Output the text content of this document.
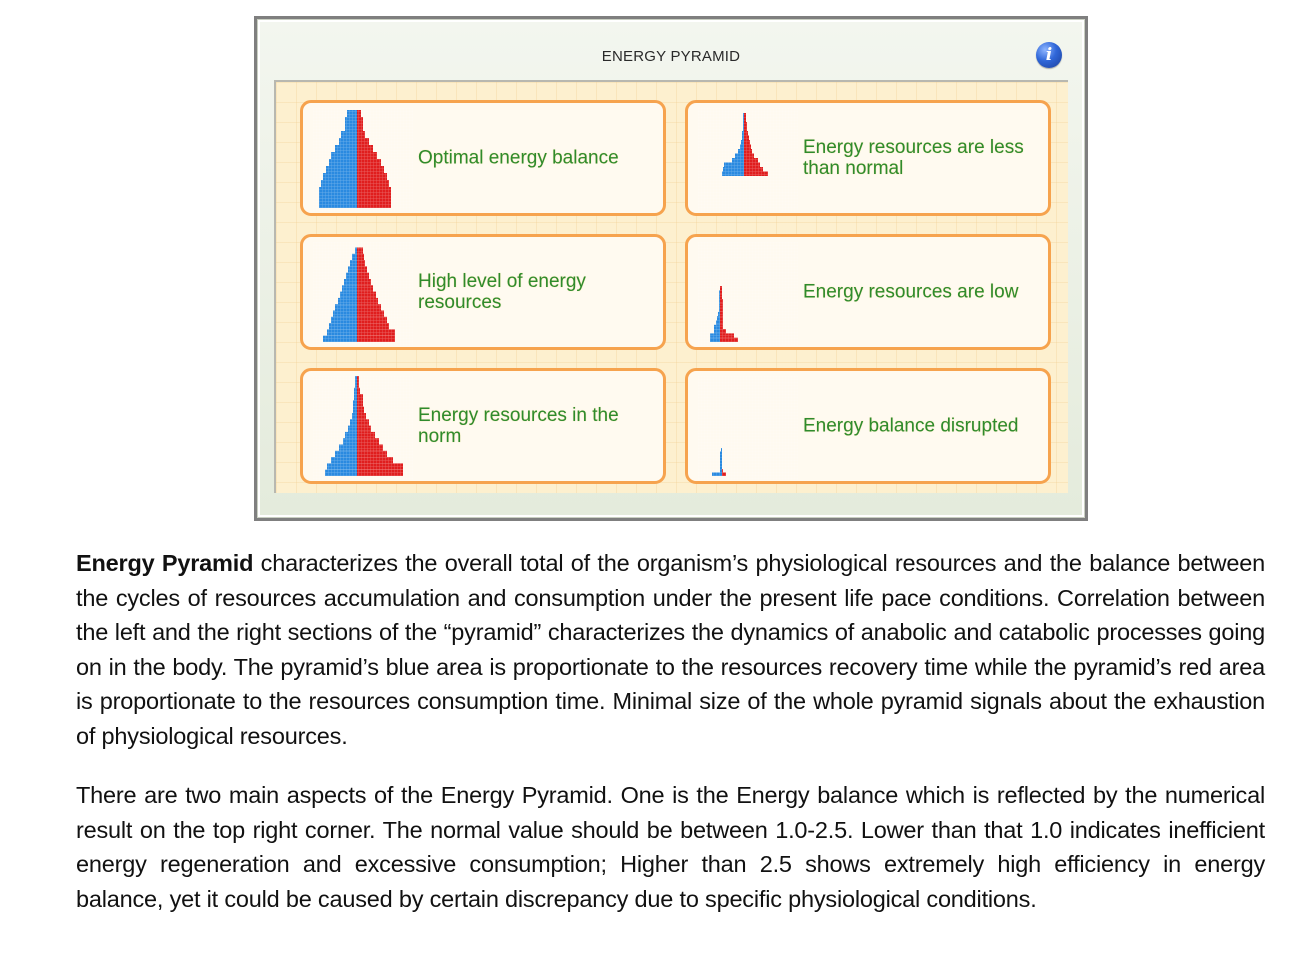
ENERGY PYRAMID	i
Optimal energy balance	Energy resources are less than normal
High level of energy resources	Energy resources are low
Energy resources in the norm	Energy balance disrupted
Energy Pyramid characterizes the overall total of the organism’s physiological resources and the balance between the cycles of resources accumulation and consumption under the present life pace conditions. Correlation between the left and the right sections of the “pyramid” characterizes the dynamics of anabolic and catabolic processes going on in the body. The pyramid’s blue area is proportionate to the resources recovery time while the pyramid’s red area is proportionate to the resources consumption time. Minimal size of the whole pyramid signals about the exhaustion of physiological resources.
There are two main aspects of the Energy Pyramid. One is the Energy balance which is reflected by the numerical result on the top right corner. The normal value should be between 1.0-2.5. Lower than that 1.0 indicates inefficient energy regeneration and excessive consumption; Higher than 2.5 shows extremely high efficiency in energy balance, yet it could be caused by certain discrepancy due to specific physiological conditions.
